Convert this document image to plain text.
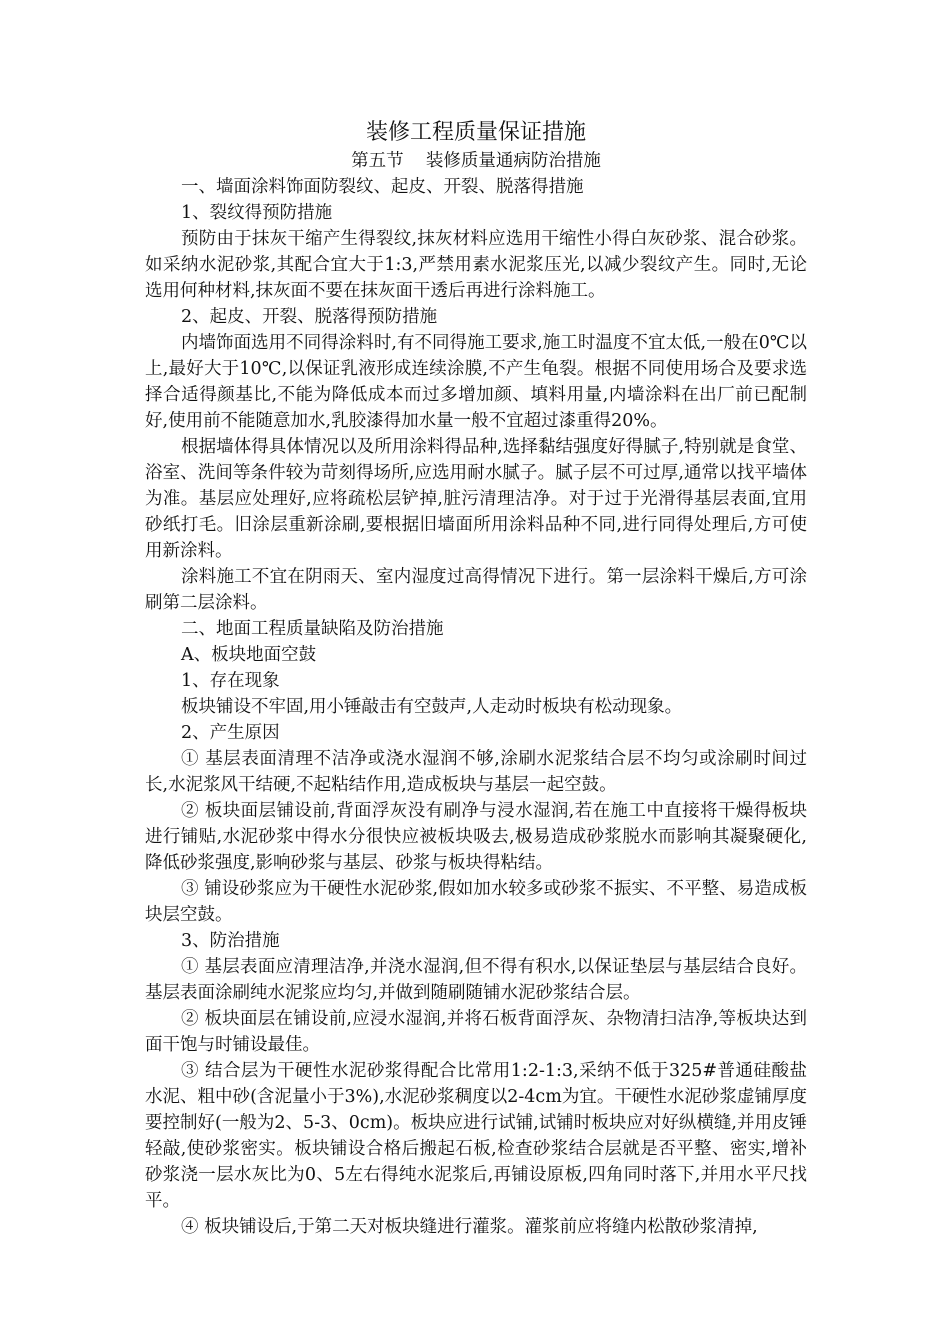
装修工程质量保证措施
第五节    装修质量通病防治措施

一、墙面涂料饰面防裂纹、起皮、开裂、脱落得措施

1、裂纹得预防措施

预防由于抹灰干缩产生得裂纹,抹灰材料应选用干缩性小得白灰砂浆、混合砂浆。如采纳水泥砂浆,其配合宜大于1:3,严禁用素水泥浆压光,以减少裂纹产生。同时,无论选用何种材料,抹灰面不要在抹灰面干透后再进行涂料施工。

2、起皮、开裂、脱落得预防措施

内墙饰面选用不同得涂料时,有不同得施工要求,施工时温度不宜太低,一般在0℃以上,最好大于10℃,以保证乳液形成连续涂膜,不产生龟裂。根据不同使用场合及要求选择合适得颜基比,不能为降低成本而过多增加颜、填料用量,内墙涂料在出厂前已配制好,使用前不能随意加水,乳胶漆得加水量一般不宜超过漆重得20%。

根据墙体得具体情况以及所用涂料得品种,选择黏结强度好得腻子,特别就是食堂、浴室、洗间等条件较为苛刻得场所,应选用耐水腻子。腻子层不可过厚,通常以找平墙体为准。基层应处理好,应将疏松层铲掉,脏污清理洁净。对于过于光滑得基层表面,宜用砂纸打毛。旧涂层重新涂刷,要根据旧墙面所用涂料品种不同,进行同得处理后,方可使用新涂料。

涂料施工不宜在阴雨天、室内湿度过高得情况下进行。第一层涂料干燥后,方可涂刷第二层涂料。

二、地面工程质量缺陷及防治措施

A、板块地面空鼓

1、存在现象

板块铺设不牢固,用小锤敲击有空鼓声,人走动时板块有松动现象。

2、产生原因

① 基层表面清理不洁净或浇水湿润不够,涂刷水泥浆结合层不均匀或涂刷时间过长,水泥浆风干结硬,不起粘结作用,造成板块与基层一起空鼓。

② 板块面层铺设前,背面浮灰没有刷净与浸水湿润,若在施工中直接将干燥得板块进行铺贴,水泥砂浆中得水分很快应被板块吸去,极易造成砂浆脱水而影响其凝聚硬化,降低砂浆强度,影响砂浆与基层、砂浆与板块得粘结。

③ 铺设砂浆应为干硬性水泥砂浆,假如加水较多或砂浆不振实、不平整、易造成板块层空鼓。

3、防治措施

① 基层表面应清理洁净,并浇水湿润,但不得有积水,以保证垫层与基层结合良好。基层表面涂刷纯水泥浆应均匀,并做到随刷随铺水泥砂浆结合层。

② 板块面层在铺设前,应浸水湿润,并将石板背面浮灰、杂物清扫洁净,等板块达到面干饱与时铺设最佳。

③ 结合层为干硬性水泥砂浆得配合比常用1:2-1:3,采纳不低于325#普通硅酸盐水泥、粗中砂(含泥量小于3%),水泥砂浆稠度以2-4cm为宜。干硬性水泥砂浆虚铺厚度要控制好(一般为2、5-3、0cm)。板块应进行试铺,试铺时板块应对好纵横缝,并用皮锤轻敲,使砂浆密实。板块铺设合格后搬起石板,检查砂浆结合层就是否平整、密实,增补砂浆浇一层水灰比为0、5左右得纯水泥浆后,再铺设原板,四角同时落下,并用水平尺找平。

④ 板块铺设后,于第二天对板块缝进行灌浆。灌浆前应将缝内松散砂浆清掉,
